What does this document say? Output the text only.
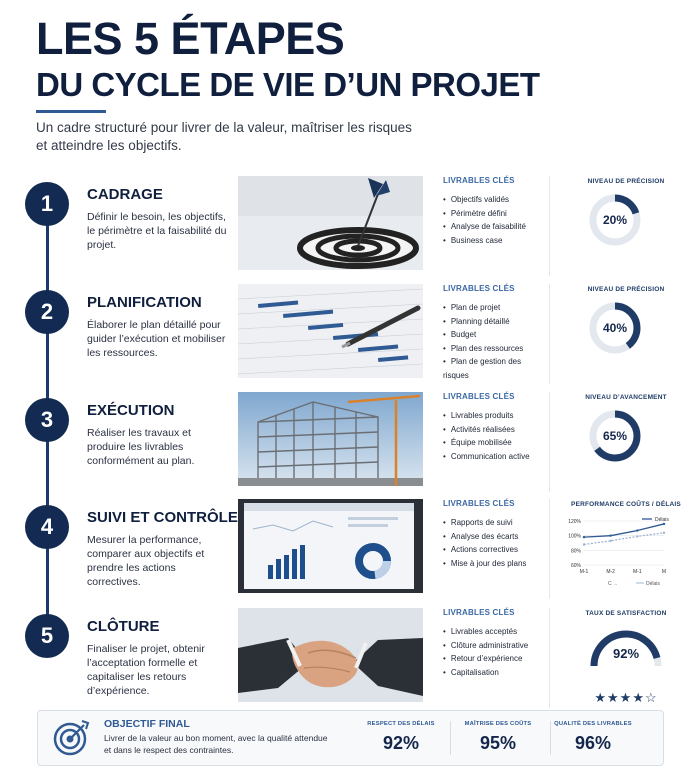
LES 5 ÉTAPES
DU CYCLE DE VIE D’UN PROJET
Un cadre structuré pour livrer de la valeur, maîtriser les risques et atteindre les objectifs.
1	CADRAGE
Définir le besoin, les objectifs, le périmètre et la faisabilité du projet.
LIVRABLES CLÉS
• Objectifs validés
• Périmètre défini
• Analyse de faisabilité
• Business case
NIVEAU DE PRÉCISION
20%
2	PLANIFICATION
Élaborer le plan détaillé pour guider l’exécution et mobiliser les ressources.
LIVRABLES CLÉS
• Plan de projet
• Planning détaillé
• Budget
• Plan des ressources
• Plan de gestion des risques
NIVEAU DE PRÉCISION
40%
3	EXÉCUTION
Réaliser les travaux et produire les livrables conformément au plan.
LIVRABLES CLÉS
• Livrables produits
• Activités réalisées
• Équipe mobilisée
• Communication active
NIVEAU D’AVANCEMENT
65%
4	SUIVI ET CONTRÔLE
Mesurer la performance, comparer aux objectifs et prendre les actions correctives.
LIVRABLES CLÉS
• Rapports de suivi
• Analyse des écarts
• Actions correctives
• Mise à jour des plans
PERFORMANCE COÛTS / DÉLAIS
120%
100%
80%
60%
M-1	M-2	M-1	M
Délais
C → 	Délais
5	CLÔTURE
Finaliser le projet, obtenir l’acceptation formelle et capitaliser les retours d’expérience.
LIVRABLES CLÉS
• Livrables acceptés
• Clôture administrative
• Retour d’expérience
• Capitalisation
TAUX DE SATISFACTION
92%
★★★★☆
OBJECTIF FINAL
Livrer de la valeur au bon moment, avec la qualité attendue et dans le respect des contraintes.
RESPECT DES DÉLAIS
92%
MAÎTRISE DES COÛTS
95%
QUALITÉ DES LIVRABLES
96%
